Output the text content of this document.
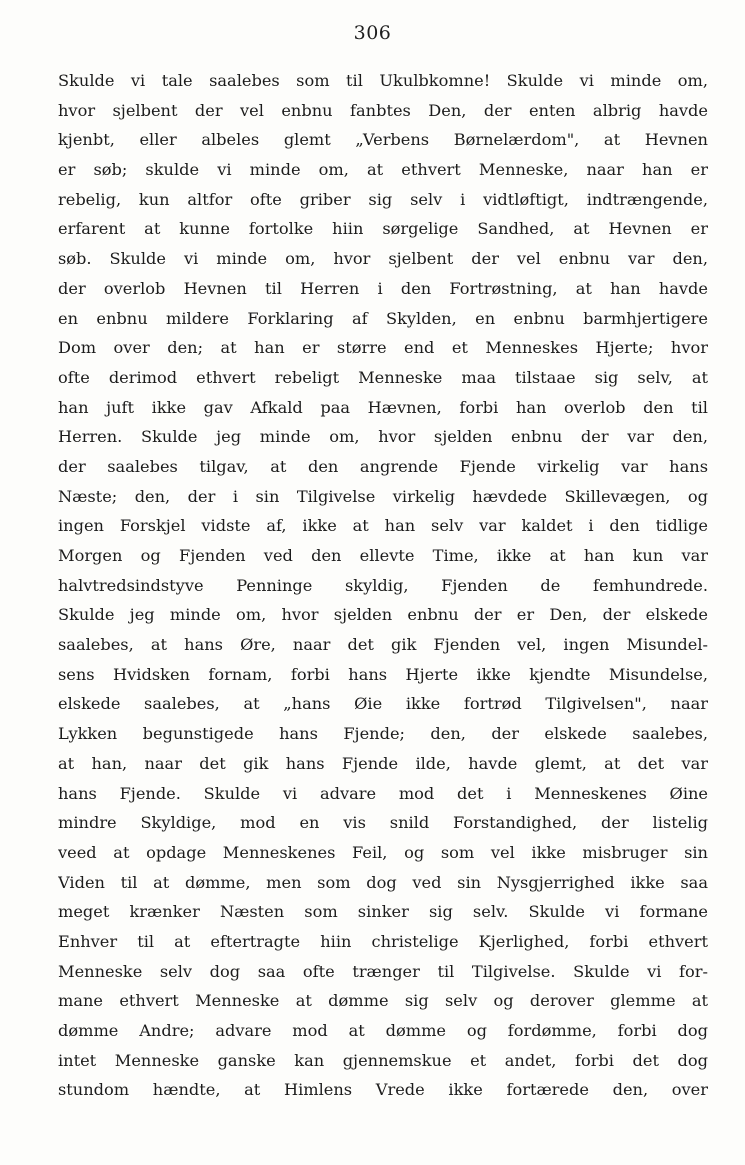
306
Skulde vi tale saalebes som til Ukulbkomne! Skulde vi minde om,
hvor sjelbent der vel enbnu fanbtes Den, der enten albrig havde
kjenbt, eller albeles glemt „Verbens Børnelærdom", at Hevnen
er søb; skulde vi minde om, at ethvert Menneske, naar han er
rebelig, kun altfor ofte griber sig selv i vidtløftigt, indtrængende,
erfarent at kunne fortolke hiin sørgelige Sandhed, at Hevnen er
søb. Skulde vi minde om, hvor sjelbent der vel enbnu var den,
der overlob Hevnen til Herren i den Fortrøstning, at han havde
en enbnu mildere Forklaring af Skylden, en enbnu barmhjertigere
Dom over den; at han er større end et Menneskes Hjerte; hvor
ofte derimod ethvert rebeligt Menneske maa tilstaae sig selv, at
han juft ikke gav Afkald paa Hævnen, forbi han overlob den til
Herren. Skulde jeg minde om, hvor sjelden enbnu der var den,
der saalebes tilgav, at den angrende Fjende virkelig var hans
Næste; den, der i sin Tilgivelse virkelig hævdede Skillevægen, og
ingen Forskjel vidste af, ikke at han selv var kaldet i den tidlige
Morgen og Fjenden ved den ellevte Time, ikke at han kun var
halvtredsindstyve Penninge skyldig, Fjenden de femhundrede.
Skulde jeg minde om, hvor sjelden enbnu der er Den, der elskede
saalebes, at hans Øre, naar det gik Fjenden vel, ingen Misundel-
sens Hvidsken fornam, forbi hans Hjerte ikke kjendte Misundelse,
elskede saalebes, at „hans Øie ikke fortrød Tilgivelsen", naar
Lykken begunstigede hans Fjende; den, der elskede saalebes,
at han, naar det gik hans Fjende ilde, havde glemt, at det var
hans Fjende. Skulde vi advare mod det i Menneskenes Øine
mindre Skyldige, mod en vis snild Forstandighed, der listelig
veed at opdage Menneskenes Feil, og som vel ikke misbruger sin
Viden til at dømme, men som dog ved sin Nysgjerrighed ikke saa
meget krænker Næsten som sinker sig selv. Skulde vi formane
Enhver til at eftertragte hiin christelige Kjerlighed, forbi ethvert
Menneske selv dog saa ofte trænger til Tilgivelse. Skulde vi for-
mane ethvert Menneske at dømme sig selv og derover glemme at
dømme Andre; advare mod at dømme og fordømme, forbi dog
intet Menneske ganske kan gjennemskue et andet, forbi det dog
stundom hændte, at Himlens Vrede ikke fortærede den, over
